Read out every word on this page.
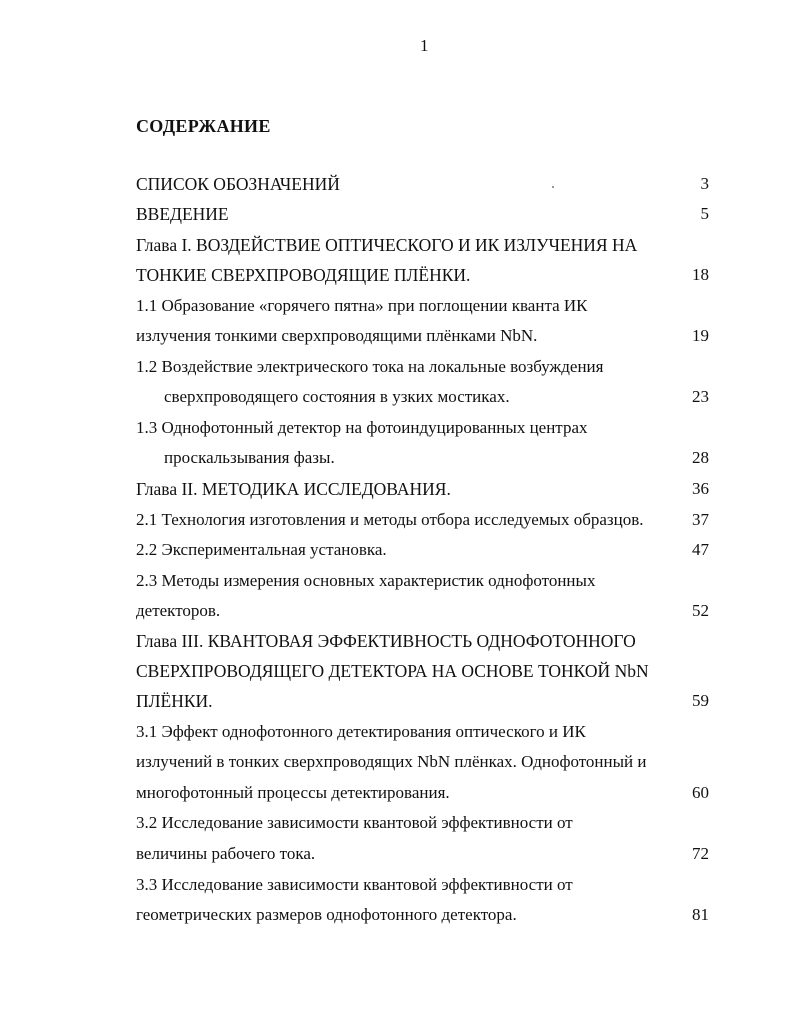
1
СОДЕРЖАНИЕ
СПИСОК ОБОЗНАЧЕНИЙ	3
ВВЕДЕНИЕ	5
Глава I. ВОЗДЕЙСТВИЕ ОПТИЧЕСКОГО И ИК ИЗЛУЧЕНИЯ НА
ТОНКИЕ СВЕРХПРОВОДЯЩИЕ ПЛЁНКИ.	18
1.1 Образование «горячего пятна» при поглощении кванта ИК
излучения тонкими сверхпроводящими плёнками NbN.	19
1.2 Воздействие электрического тока на локальные возбуждения
сверхпроводящего состояния в узких мостиках.	23
1.3 Однофотонный детектор на фотоиндуцированных центрах
проскальзывания фазы.	28
Глава II. МЕТОДИКА ИССЛЕДОВАНИЯ.	36
2.1 Технология изготовления и методы отбора исследуемых образцов.	37
2.2 Экспериментальная установка.	47
2.3 Методы измерения основных характеристик однофотонных
детекторов.	52
Глава III. КВАНТОВАЯ ЭФФЕКТИВНОСТЬ ОДНОФОТОННОГО
СВЕРХПРОВОДЯЩЕГО ДЕТЕКТОРА НА ОСНОВЕ ТОНКОЙ NbN
ПЛЁНКИ.	59
3.1 Эффект однофотонного детектирования оптического и ИК
излучений в тонких сверхпроводящих NbN плёнках. Однофотонный и
многофотонный процессы детектирования.	60
3.2 Исследование зависимости квантовой эффективности от
величины рабочего тока.	72
3.3 Исследование зависимости квантовой эффективности от
геометрических размеров однофотонного детектора.	81
